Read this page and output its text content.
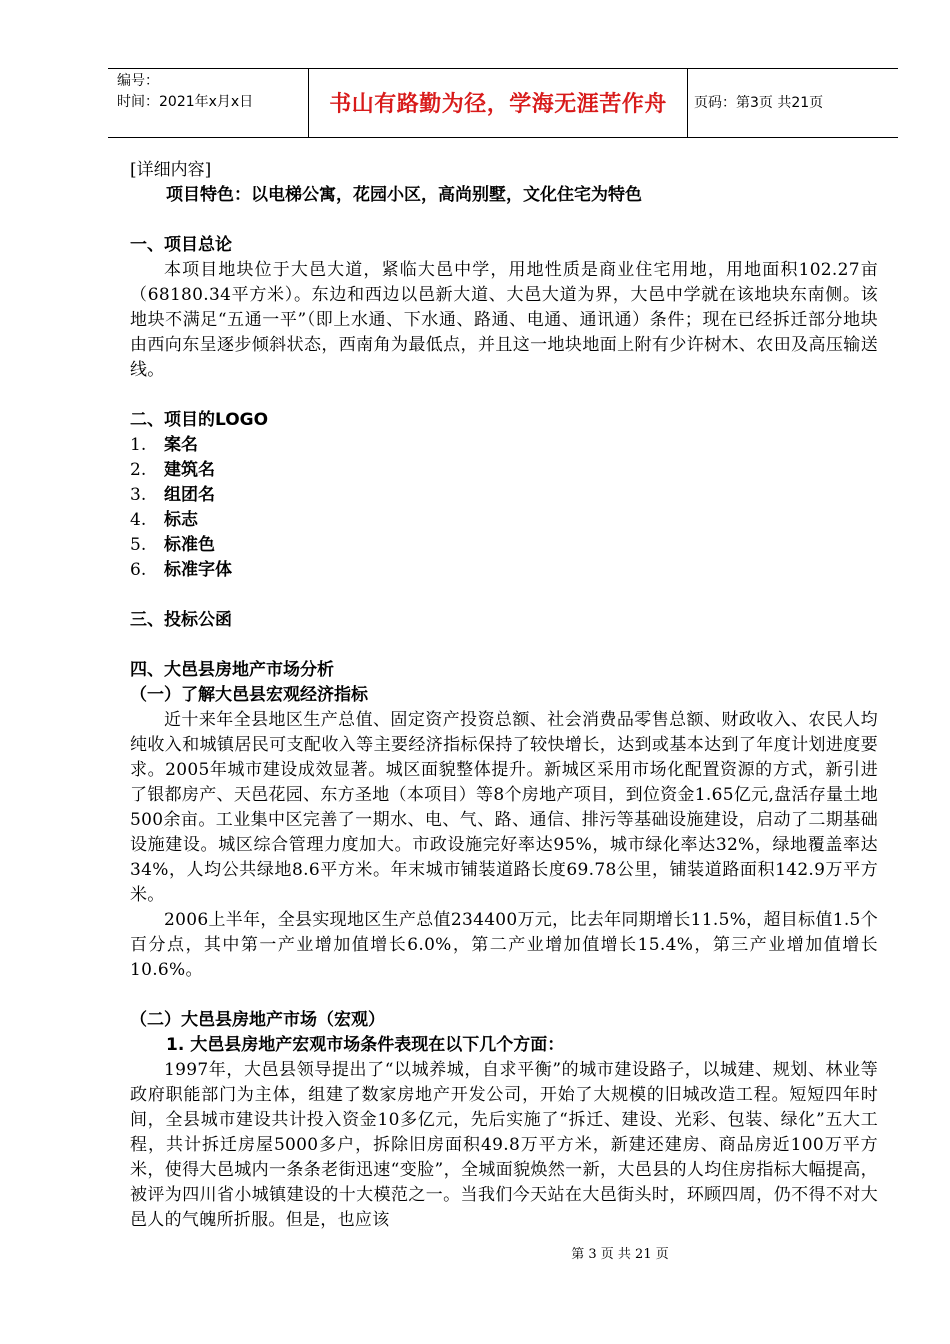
编号：
时间：2021年x月x日	书山有路勤为径，学海无涯苦作舟	页码：第3页 共21页
[详细内容]
项目特色：以电梯公寓，花园小区，高尚别墅，文化住宅为特色
一、项目总论
本项目地块位于大邑大道，紧临大邑中学，用地性质是商业住宅用地，用地面积102.27亩（68180.34平方米）。东边和西边以邑新大道、大邑大道为界，大邑中学就在该地块东南侧。该地块不满足“五通一平”（即上水通、下水通、路通、电通、通讯通）条件；现在已经拆迁部分地块由西向东呈逐步倾斜状态，西南角为最低点，并且这一地块地面上附有少许树木、农田及高压输送线。
二、项目的LOGO
1. 案名
2. 建筑名
3. 组团名
4. 标志
5. 标准色
6. 标准字体
三、投标公函
四、大邑县房地产市场分析
（一）了解大邑县宏观经济指标
近十来年全县地区生产总值、固定资产投资总额、社会消费品零售总额、财政收入、农民人均纯收入和城镇居民可支配收入等主要经济指标保持了较快增长，达到或基本达到了年度计划进度要求。2005年城市建设成效显著。城区面貌整体提升。新城区采用市场化配置资源的方式，新引进了银都房产、天邑花园、东方圣地（本项目）等8个房地产项目，到位资金1.65亿元,盘活存量土地500余亩。工业集中区完善了一期水、电、气、路、通信、排污等基础设施建设，启动了二期基础设施建设。城区综合管理力度加大。市政设施完好率达95%，城市绿化率达32%，绿地覆盖率达34%，人均公共绿地8.6平方米。年末城市铺装道路长度69.78公里，铺装道路面积142.9万平方米。
2006上半年，全县实现地区生产总值234400万元，比去年同期增长11.5%，超目标值1.5个百分点，其中第一产业增加值增长6.0%，第二产业增加值增长15.4%，第三产业增加值增长10.6%。
（二）大邑县房地产市场（宏观）
1. 大邑县房地产宏观市场条件表现在以下几个方面：
1997年，大邑县领导提出了“以城养城，自求平衡”的城市建设路子，以城建、规划、林业等政府职能部门为主体，组建了数家房地产开发公司，开始了大规模的旧城改造工程。短短四年时间，全县城市建设共计投入资金10多亿元，先后实施了“拆迁、建设、光彩、包装、绿化”五大工程，共计拆迁房屋5000多户，拆除旧房面积49.8万平方米，新建还建房、商品房近100万平方米，使得大邑城内一条条老街迅速“变脸”，全城面貌焕然一新，大邑县的人均住房指标大幅提高，被评为四川省小城镇建设的十大模范之一。当我们今天站在大邑街头时，环顾四周，仍不得不对大邑人的气魄所折服。但是，也应该
第 3 页 共 21 页
